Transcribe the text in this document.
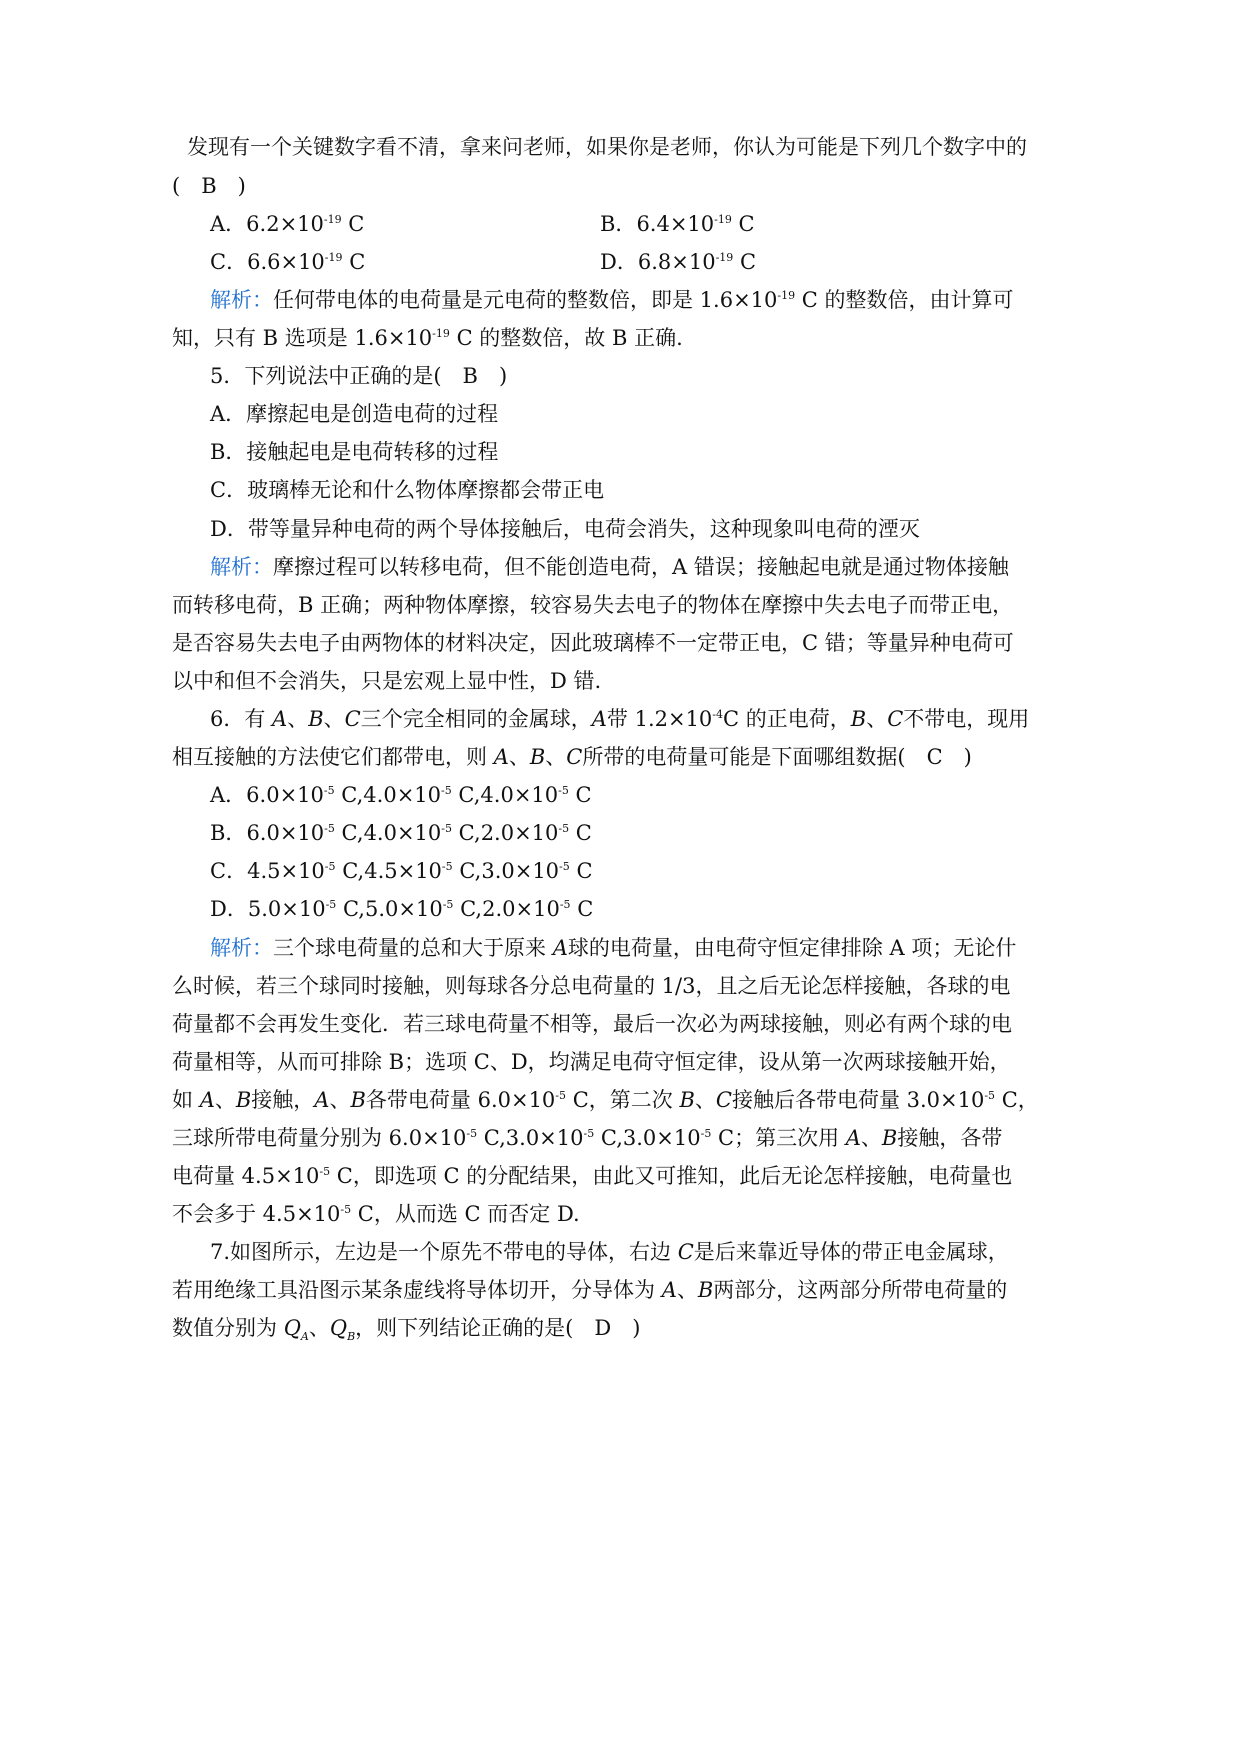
发现有一个关键数字看不清，拿来问老师，如果你是老师，你认为可能是下列几个数字中的
(　B　)
A．$6.2\times 10^{-19}$ C	B．$6.4\times 10^{-19}$ C
C．$6.6\times 10^{-19}$ C	D．$6.8\times 10^{-19}$ C
解析：任何带电体的电荷量是元电荷的整数倍，即是 $1.6\times 10^{-19}$ C 的整数倍，由计算可
知，只有 B 选项是 $1.6\times 10^{-19}$ C 的整数倍，故 B 正确.
5．下列说法中正确的是(　B　)
A．摩擦起电是创造电荷的过程
B．接触起电是电荷转移的过程
C．玻璃棒无论和什么物体摩擦都会带正电
D．带等量异种电荷的两个导体接触后，电荷会消失，这种现象叫电荷的湮灭
解析：摩擦过程可以转移电荷，但不能创造电荷，A 错误；接触起电就是通过物体接触
而转移电荷，B 正确；两种物体摩擦，较容易失去电子的物体在摩擦中失去电子而带正电，
是否容易失去电子由两物体的材料决定，因此玻璃棒不一定带正电，C 错；等量异种电荷可
以中和但不会消失，只是宏观上显中性，D 错.
6．有 A、B、C三个完全相同的金属球，A带 $1.2\times 10^{-4}C$ 的正电荷，B、C不带电，现用
相互接触的方法使它们都带电，则 A、B、C所带的电荷量可能是下面哪组数据(　C　)
A．$6.0\times 10^{-5}$ $C,4.0\times 10^{-5}$ $C,4.0\times 10^{-5}$ C
B．$6.0\times 10^{-5}$ $C,4.0\times 10^{-5}$ $C,2.0\times 10^{-5}$ C
C．$4.5\times 10^{-5}$ $C,4.5\times 10^{-5}$ $C,3.0\times 10^{-5}$ C
D．$5.0\times 10^{-5}$ $C,5.0\times 10^{-5}$ $C,2.0\times 10^{-5}$ C
解析：三个球电荷量的总和大于原来 A球的电荷量，由电荷守恒定律排除 A 项；无论什
么时候，若三个球同时接触，则每球各分总电荷量的 1/3，且之后无论怎样接触，各球的电
荷量都不会再发生变化．若三球电荷量不相等，最后一次必为两球接触，则必有两个球的电
荷量相等，从而可排除 B；选项 C、D，均满足电荷守恒定律，设从第一次两球接触开始，
如 A、B接触，A、B各带电荷量 $6.0\times 10^{-5}$ C，第二次 B、C接触后各带电荷量 $3.0\times 10^{-5}$ C，
三球所带电荷量分别为 $6.0\times 10^{-5}$ $C,3.0\times 10^{-5}$ $C,3.0\times 10^{-5}$ C；第三次用 A、B接触，各带
电荷量 $4.5\times 10^{-5}$ C，即选项 C 的分配结果，由此又可推知，此后无论怎样接触，电荷量也
不会多于 $4.5\times 10^{-5}$ C，从而选 C 而否定 D.
7.如图所示，左边是一个原先不带电的导体，右边 C是后来靠近导体的带正电金属球，
若用绝缘工具沿图示某条虚线将导体切开，分导体为 A、B两部分，这两部分所带电荷量的
数值分别为 $Q_A$、$Q_B$，则下列结论正确的是(　D　)
